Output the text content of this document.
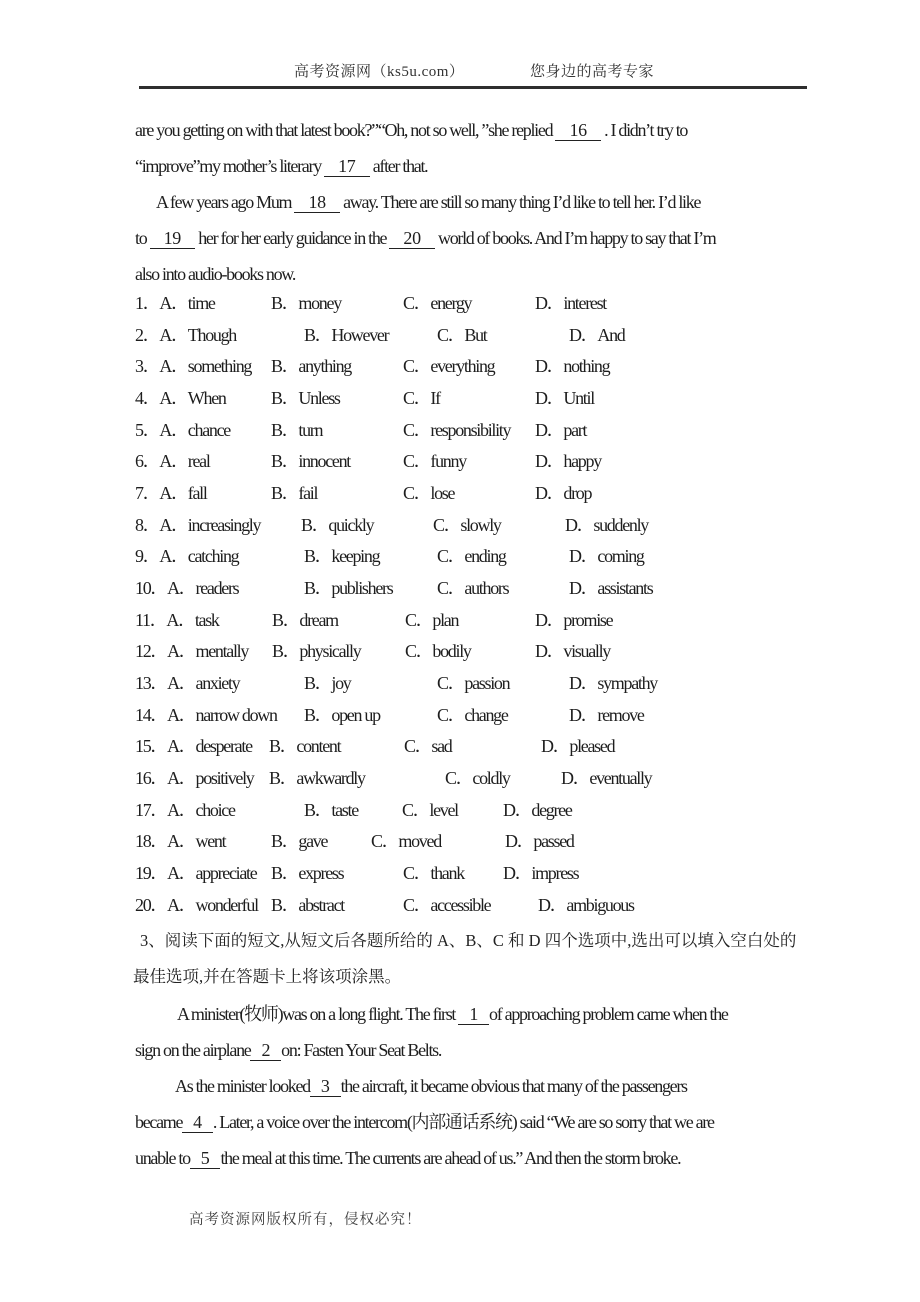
高考资源网（ks5u.com）	您身边的高考专家
are you getting on with that latest book?”“Oh, not so well, ”she replied 16 . I didn’t try to
“improve”my mother’s literary 17 after that.
A few years ago Mum 18 away. There are still so many thing I’d like to tell her. I’d like
to 19 her for her early guidance in the 20 world of books. And I’m happy to say that I’m
also into audio-books now.
1．A．time	B．money	C．energy	D．interest
2．A．Though	B．However	C．But	D．And
3．A．something B．anything	C．everything D．nothing
4．A．When	B．Unless	C．If	D．Until
5．A．chance B．turn	C．responsibility D．part
6．A．real	B．innocent	C．funny	D．happy
7．A．fall	B．fail	C．lose	D．drop
8．A．increasingly B．quickly	C．slowly	D．suddenly
9．A．catching	B．keeping	C．ending	D．coming
10．A．readers	B．publishers C．authors	D．assistants
11．A．task	B．dream	C．plan	D．promise
12．A．mentally B．physically C．bodily	D．visually
13．A．anxiety	B．joy	C．passion	D．sympathy
14．A．narrow down B．open up	C．change	D．remove
15．A．desperate B．content	C．sad	D．pleased
16．A．positively B．awkwardly	C．coldly	D．eventually
17．A．choice	B．taste C．level	D．degree
18．A．went	B．gave C．moved	D．passed
19．A．appreciate B．express	C．thank D．impress
20．A．wonderful B．abstract	C．accessible	D．ambiguous
3、阅读下面的短文,从短文后各题所给的 A、B、C 和 D 四个选项中,选出可以填入空白处的
最佳选项,并在答题卡上将该项涂黑。
A minister(牧师)was on a long flight. The first 1 of approaching problem came when the
sign on the airplane 2 on: Fasten Your Seat Belts.
As the minister looked 3 the aircraft, it became obvious that many of the passengers
became 4 . Later, a voice over the intercom(内部通话系统) said “We are so sorry that we are
unable to 5 the meal at this time. The currents are ahead of us.” And then the storm broke.
高考资源网版权所有，侵权必究！
